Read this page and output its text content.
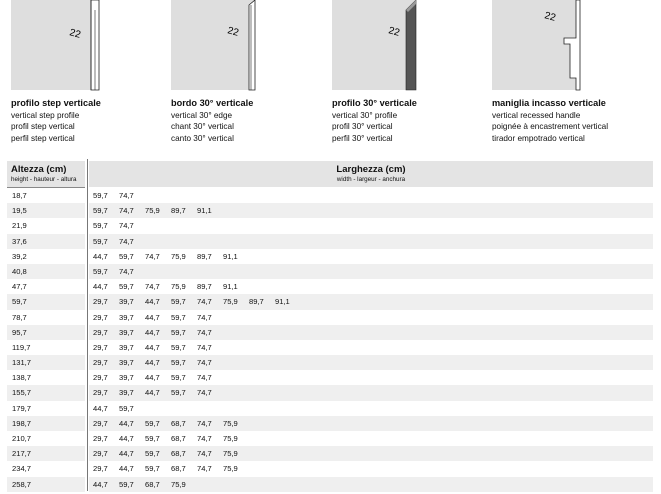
22
profilo step verticale
vertical step profile
profil step vertical
perfil step vertical
22
bordo 30° verticale
vertical 30° edge
chant 30° vertical
canto 30° vertical
22
profilo 30° verticale
vertical 30° profile
profil 30° vertical
perfil 30° vertical
22
maniglia incasso verticale
vertical recessed handle
poignée à encastrement vertical
tirador empotrado vertical
Altezza (cm)
height - hauteur - altura
Larghezza (cm)
width - largeur - anchura
18,7	59,7 74,7
19,5	59,7 74,7 75,9 89,7 91,1
21,9	59,7 74,7
37,6	59,7 74,7
39,2	44,7 59,7 74,7 75,9 89,7 91,1
40,8	59,7 74,7
47,7	44,7 59,7 74,7 75,9 89,7 91,1
59,7	29,7 39,7 44,7 59,7 74,7 75,9 89,7 91,1
78,7	29,7 39,7 44,7 59,7 74,7
95,7	29,7 39,7 44,7 59,7 74,7
119,7	29,7 39,7 44,7 59,7 74,7
131,7	29,7 39,7 44,7 59,7 74,7
138,7	29,7 39,7 44,7 59,7 74,7
155,7	29,7 39,7 44,7 59,7 74,7
179,7	44,7 59,7
198,7	29,7 44,7 59,7 68,7 74,7 75,9
210,7	29,7 44,7 59,7 68,7 74,7 75,9
217,7	29,7 44,7 59,7 68,7 74,7 75,9
234,7	29,7 44,7 59,7 68,7 74,7 75,9
258,7	44,7 59,7 68,7 75,9
